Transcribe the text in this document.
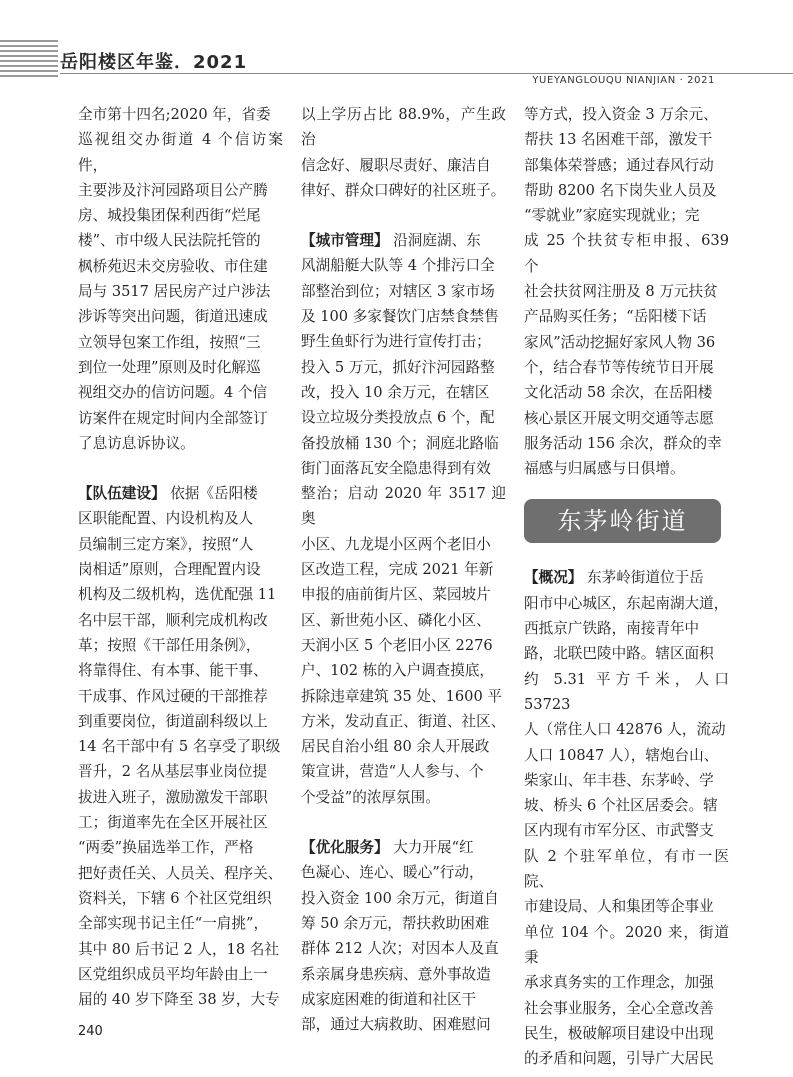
岳阳楼区年鉴．2021
YUEYANGLOUQU NIANJIAN · 2021

全市第十四名;2020 年，省委
巡视组交办街道 4 个信访案件，
主要涉及汴河园路项目公产腾
房、城投集团保利西街“烂尾
楼”、市中级人民法院托管的
枫桥苑迟未交房验收、市住建
局与 3517 居民房产过户涉法
涉诉等突出问题，街道迅速成
立领导包案工作组，按照“三
到位一处理”原则及时化解巡
视组交办的信访问题。4 个信
访案件在规定时间内全部签订
了息访息诉协议。

【队伍建设】 依据《岳阳楼
区职能配置、内设机构及人
员编制三定方案》，按照“人
岗相适”原则，合理配置内设
机构及二级机构，选优配强 11
名中层干部，顺利完成机构改
革；按照《干部任用条例》，
将靠得住、有本事、能干事、
干成事、作风过硬的干部推荐
到重要岗位，街道副科级以上
14 名干部中有 5 名享受了职级
晋升，2 名从基层事业岗位提
拔进入班子，激励激发干部职
工；街道率先在全区开展社区
“两委”换届选举工作，严格
把好责任关、人员关、程序关、
资料关，下辖 6 个社区党组织
全部实现书记主任“一肩挑”，
其中 80 后书记 2 人，18 名社
区党组织成员平均年龄由上一
届的 40 岁下降至 38 岁，大专

以上学历占比 88.9%，产生政治
信念好、履职尽责好、廉洁自
律好、群众口碑好的社区班子。

【城市管理】 沿洞庭湖、东
风湖船艇大队等 4 个排污口全
部整治到位；对辖区 3 家市场
及 100 多家餐饮门店禁食禁售
野生鱼虾行为进行宣传打击；
投入 5 万元，抓好汴河园路整
改，投入 10 余万元，在辖区
设立垃圾分类投放点 6 个，配
备投放桶 130 个；洞庭北路临
街门面落瓦安全隐患得到有效
整治；启动 2020 年 3517 迎奥
小区、九龙堤小区两个老旧小
区改造工程，完成 2021 年新
申报的庙前街片区、菜园坡片
区、新世苑小区、磷化小区、
天润小区 5 个老旧小区 2276
户、102 栋的入户调查摸底，
拆除违章建筑 35 处、1600 平
方米，发动直正、街道、社区、
居民自治小组 80 余人开展政
策宣讲，营造“人人参与、个
个受益”的浓厚氛围。

【优化服务】 大力开展“红
色凝心、连心、暖心”行动，
投入资金 100 余万元，街道自
筹 50 余万元，帮扶救助困难
群体 212 人次；对因本人及直
系亲属身患疾病、意外事故造
成家庭困难的街道和社区干
部，通过大病救助、困难慰问

等方式，投入资金 3 万余元、
帮扶 13 名困难干部，激发干
部集体荣誉感；通过春风行动
帮助 8200 名下岗失业人员及
“零就业”家庭实现就业；完
成 25 个扶贫专柜申报、639 个
社会扶贫网注册及 8 万元扶贫
产品购买任务；“岳阳楼下话
家风”活动挖掘好家风人物 36
个，结合春节等传统节日开展
文化活动 58 余次，在岳阳楼
核心景区开展文明交通等志愿
服务活动 156 余次，群众的幸
福感与归属感与日俱增。

东茅岭街道

【概况】 东茅岭街道位于岳
阳市中心城区，东起南湖大道，
西抵京广铁路，南接青年中
路，北联巴陵中路。辖区面积
约 5.31 平方千米，人口 53723
人（常住人口 42876 人，流动
人口 10847 人），辖炮台山、
柴家山、年丰巷、东茅岭、学
坡、桥头 6 个社区居委会。辖
区内现有市军分区、市武警支
队 2 个驻军单位，有市一医院、
市建设局、人和集团等企事业
单位 104 个。2020 来，街道秉
承求真务实的工作理念，加强
社会事业服务，全心全意改善
民生，极破解项目建设中出现
的矛盾和问题，引导广大居民

240
